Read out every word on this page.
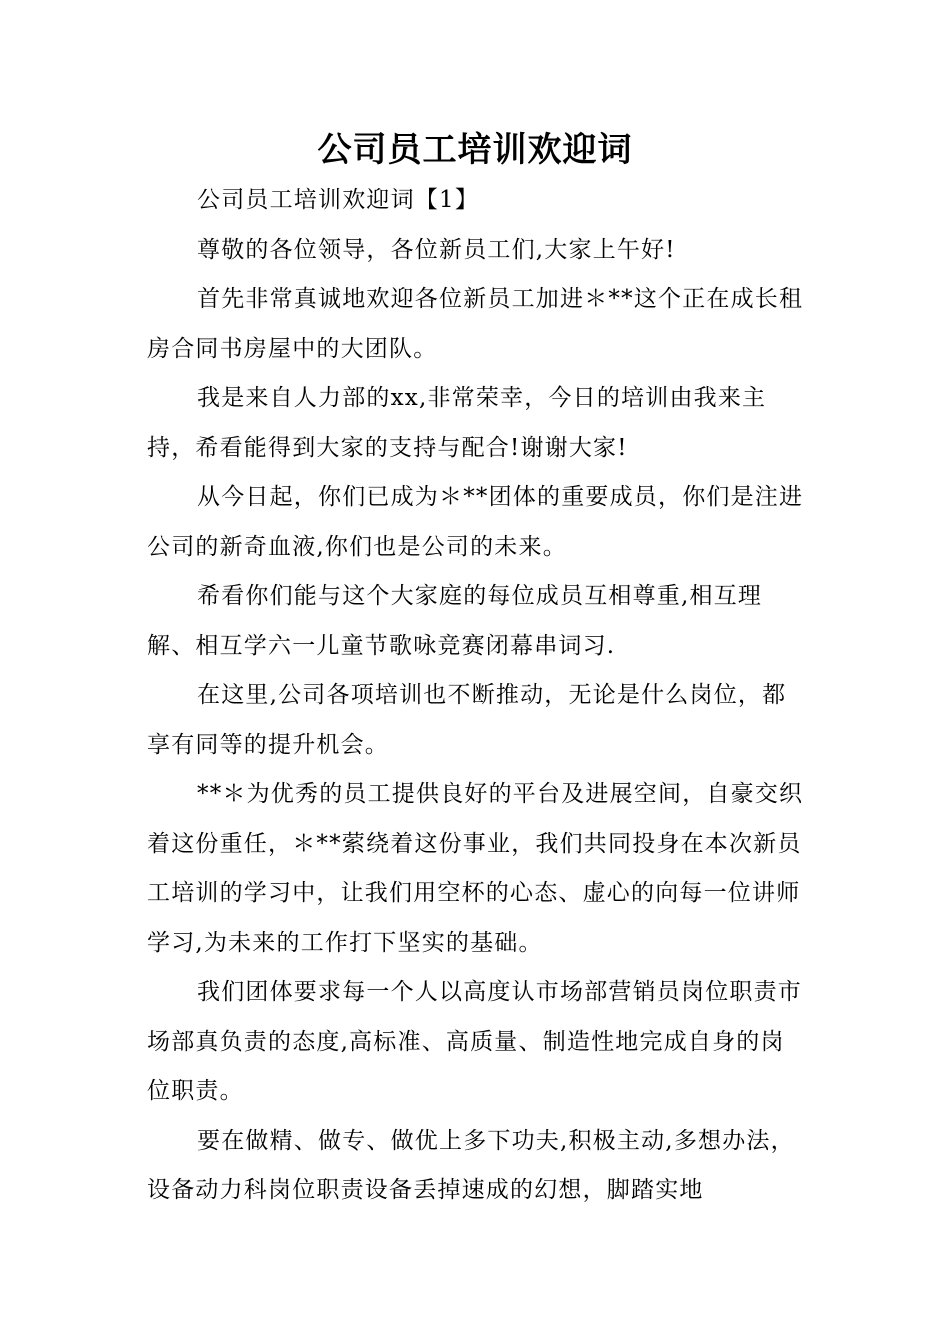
公司员工培训欢迎词

公司员工培训欢迎词【1】

尊敬的各位领导，各位新员工们,大家上午好!

首先非常真诚地欢迎各位新员工加进＊**这个正在成长租房合同书房屋中的大团队。

我是来自人力部的xx,非常荣幸，今日的培训由我来主持，希看能得到大家的支持与配合!谢谢大家!

从今日起，你们已成为＊**团体的重要成员，你们是注进公司的新奇血液,你们也是公司的未来。

希看你们能与这个大家庭的每位成员互相尊重,相互理解、相互学六一儿童节歌咏竞赛闭幕串词习.

在这里,公司各项培训也不断推动，无论是什么岗位，都享有同等的提升机会。

**＊为优秀的员工提供良好的平台及进展空间，自豪交织着这份重任，＊**萦绕着这份事业，我们共同投身在本次新员工培训的学习中，让我们用空杯的心态、虚心的向每一位讲师学习,为未来的工作打下坚实的基础。

我们团体要求每一个人以高度认市场部营销员岗位职责市场部真负责的态度,高标准、高质量、制造性地完成自身的岗位职责。

要在做精、做专、做优上多下功夫,积极主动,多想办法，设备动力科岗位职责设备丢掉速成的幻想，脚踏实地
